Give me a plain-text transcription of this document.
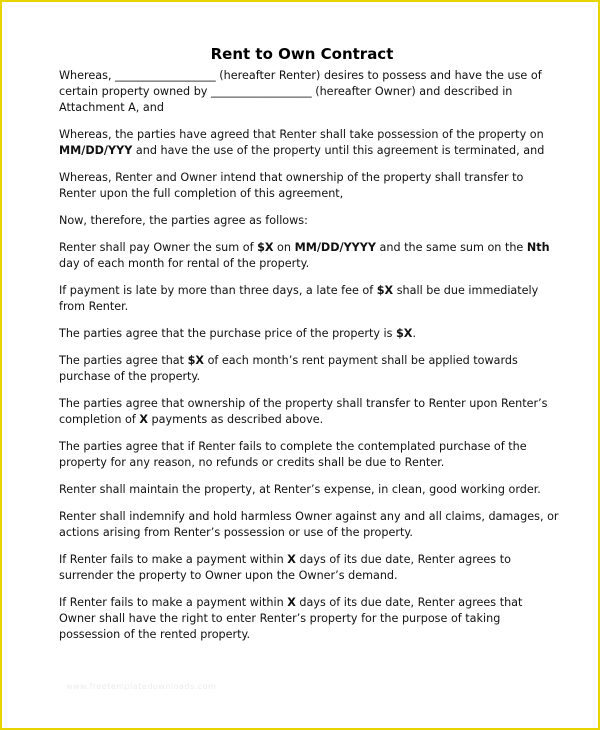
Rent to Own Contract

Whereas, __________________ (hereafter Renter) desires to possess and have the use of certain property owned by __________________ (hereafter Owner) and described in Attachment A, and

Whereas, the parties have agreed that Renter shall take possession of the property on MM/DD/YYY and have the use of the property until this agreement is terminated, and

Whereas, Renter and Owner intend that ownership of the property shall transfer to Renter upon the full completion of this agreement,

Now, therefore, the parties agree as follows:

Renter shall pay Owner the sum of $X on MM/DD/YYYY and the same sum on the Nth day of each month for rental of the property.

If payment is late by more than three days, a late fee of $X shall be due immediately from Renter.

The parties agree that the purchase price of the property is $X.

The parties agree that $X of each month’s rent payment shall be applied towards purchase of the property.

The parties agree that ownership of the property shall transfer to Renter upon Renter’s completion of X payments as described above.

The parties agree that if Renter fails to complete the contemplated purchase of the property for any reason, no refunds or credits shall be due to Renter.

Renter shall maintain the property, at Renter’s expense, in clean, good working order.

Renter shall indemnify and hold harmless Owner against any and all claims, damages, or actions arising from Renter’s possession or use of the property.

If Renter fails to make a payment within X days of its due date, Renter agrees to surrender the property to Owner upon the Owner’s demand.

If Renter fails to make a payment within X days of its due date, Renter agrees that Owner shall have the right to enter Renter’s property for the purpose of taking possession of the rented property.

www.freetemplatedownloads.com
